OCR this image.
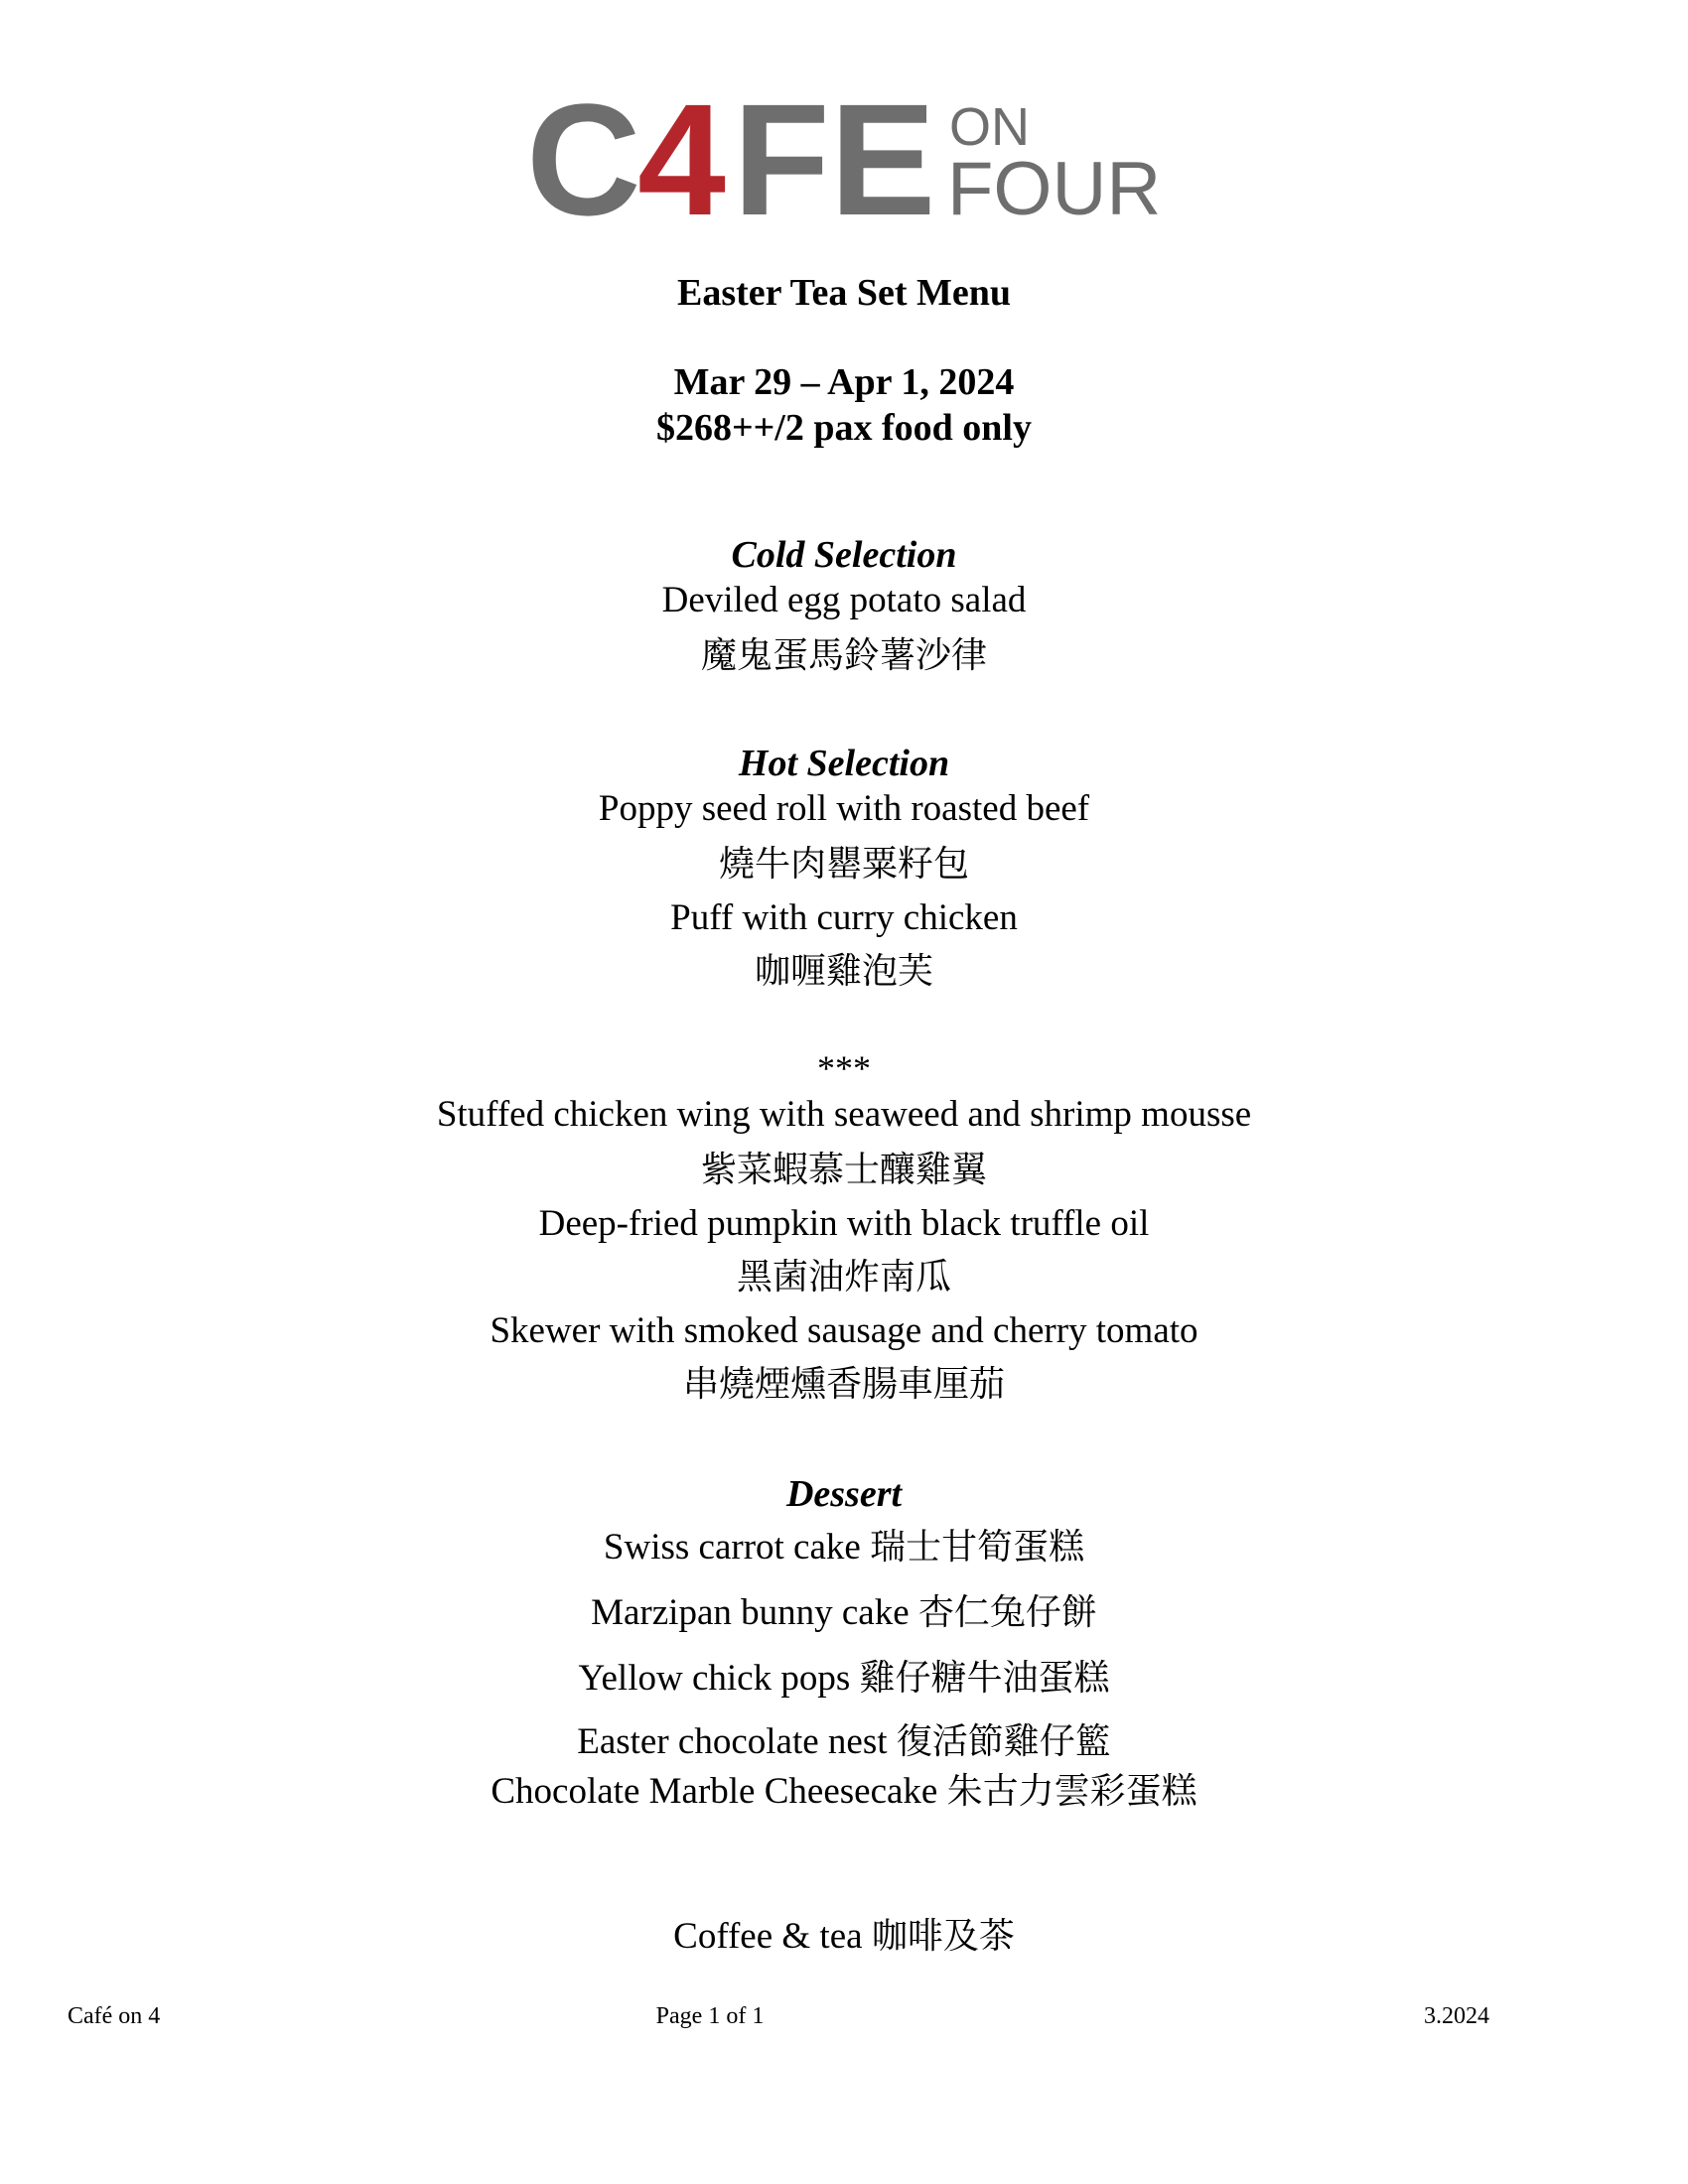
C
4 FE ON
FOUR
Easter Tea Set Menu
Mar 29 – Apr 1, 2024
$268++/2 pax food only
Cold Selection
Deviled egg potato salad
魔鬼蛋馬鈴薯沙律
Hot Selection
Poppy seed roll with roasted beef
燒牛肉罌粟籽包
Puff with curry chicken
咖喱雞泡芙
***
Stuffed chicken wing with seaweed and shrimp mousse
紫菜蝦慕士釀雞翼
Deep-fried pumpkin with black truffle oil
黑菌油炸南瓜
Skewer with smoked sausage and cherry tomato
串燒煙燻香腸車厘茄
Dessert
Swiss carrot cake 瑞士甘筍蛋糕
Marzipan bunny cake 杏仁兔仔餅
Yellow chick pops 雞仔糖牛油蛋糕
Easter chocolate nest 復活節雞仔籃
Chocolate Marble Cheesecake 朱古力雲彩蛋糕
Coffee & tea 咖啡及茶
Café on 4	Page 1 of 1	3.2024
